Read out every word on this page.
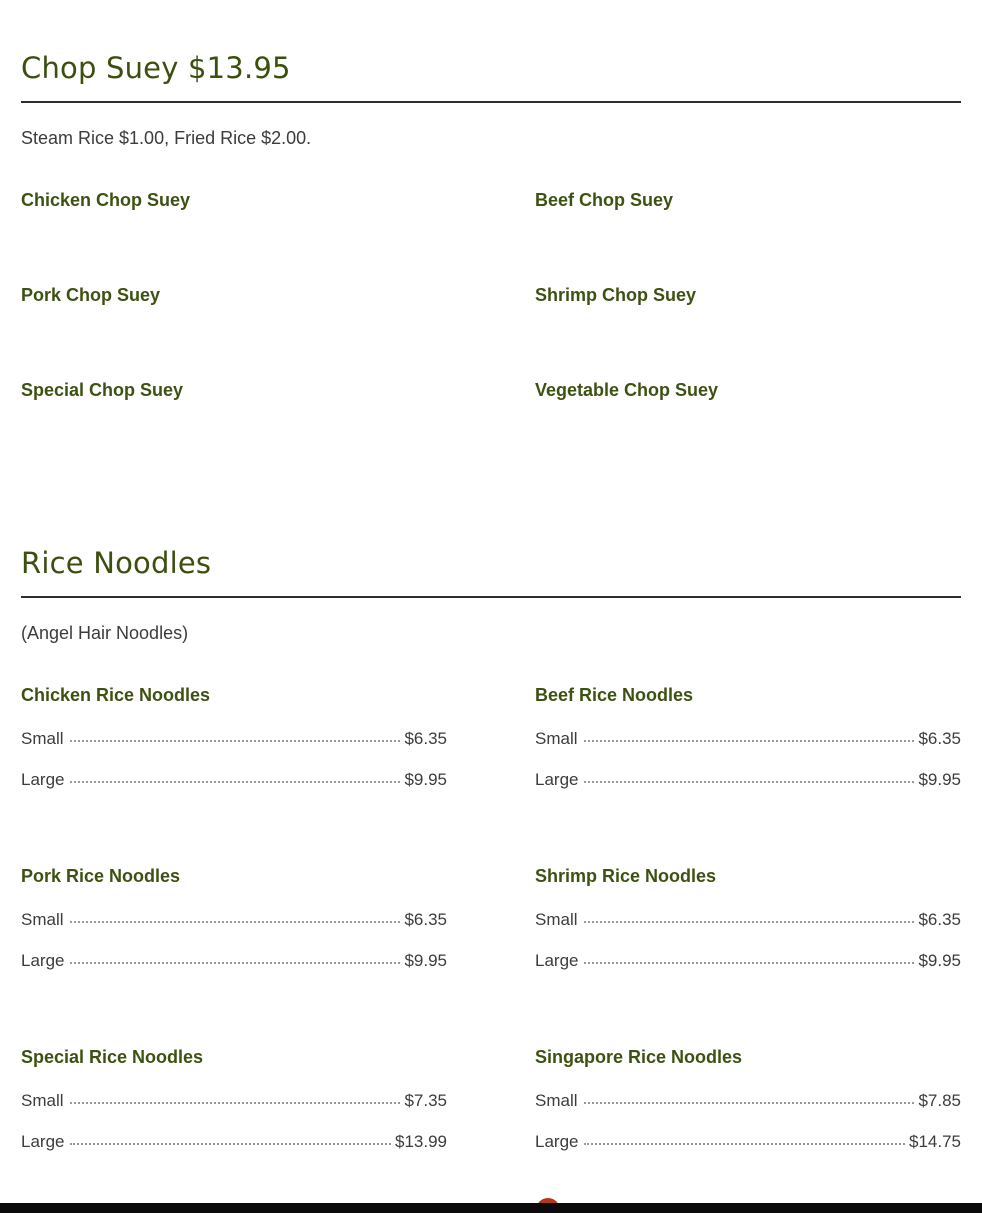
Chop Suey $13.95
Steam Rice $1.00, Fried Rice $2.00.
Chicken Chop Suey	Beef Chop Suey
Pork Chop Suey	Shrimp Chop Suey
Special Chop Suey	Vegetable Chop Suey
Rice Noodles
(Angel Hair Noodles)
Chicken Rice Noodles
Small	$6.35
Large	$9.95
Beef Rice Noodles
Small	$6.35
Large	$9.95
Pork Rice Noodles
Small	$6.35
Large	$9.95
Shrimp Rice Noodles
Small	$6.35
Large	$9.95
Special Rice Noodles
Small	$7.35
Large	$13.99
Singapore Rice Noodles
Small	$7.85
Large	$14.75
